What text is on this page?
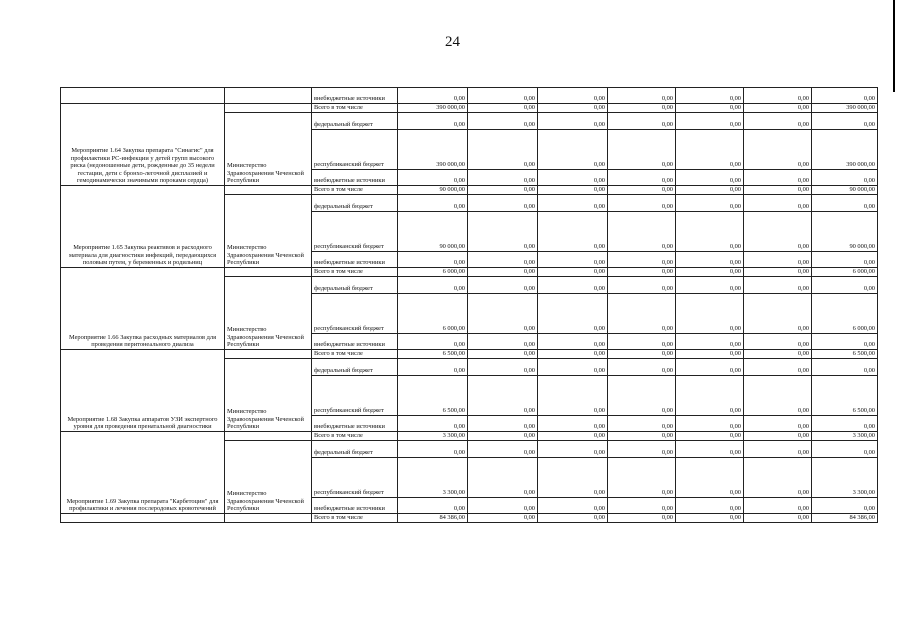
24
		внебюджетные источники	0,00	0,00	0,00	0,00	0,00	0,00	0,00
Мероприятие 1.64 Закупка препарата "Синагис" для профилактики РС-инфекции у детей групп высокого риска (недоношенные дети, рожденные до 35 недели гестации, дети с бронхо-легочной дисплазией и гемодинамически значимыми пороками сердца)		Всего в том числе	390 000,00	0,00	0,00	0,00	0,00	0,00	390 000,00
	Министерство Здравоохранения Чеченской Республики	федеральный бюджет	0,00	0,00	0,00	0,00	0,00	0,00	0,00
		республиканский бюджет	390 000,00	0,00	0,00	0,00	0,00	0,00	390 000,00
		внебюджетные источники	0,00	0,00	0,00	0,00	0,00	0,00	0,00
Мероприятие 1.65 Закупка реактивов и расходного материала для диагностики инфекций, передающихся половым путем, у беременных и родильниц		Всего в том числе	90 000,00	0,00	0,00	0,00	0,00	0,00	90 000,00
	Министерство Здравоохранения Чеченской Республики	федеральный бюджет	0,00	0,00	0,00	0,00	0,00	0,00	0,00
		республиканский бюджет	90 000,00	0,00	0,00	0,00	0,00	0,00	90 000,00
		внебюджетные источники	0,00	0,00	0,00	0,00	0,00	0,00	0,00
Мероприятие 1.66 Закупка расходных материалов для проведения перитонеального диализа		Всего в том числе	6 000,00	0,00	0,00	0,00	0,00	0,00	6 000,00
	Министерство Здравоохранения Чеченской Республики	федеральный бюджет	0,00	0,00	0,00	0,00	0,00	0,00	0,00
		республиканский бюджет	6 000,00	0,00	0,00	0,00	0,00	0,00	6 000,00
		внебюджетные источники	0,00	0,00	0,00	0,00	0,00	0,00	0,00
Мероприятие 1.68 Закупка аппаратов УЗИ экспертного уровня для проведения пренатальной диагностики		Всего в том числе	6 500,00	0,00	0,00	0,00	0,00	0,00	6 500,00
	Министерство Здравоохранения Чеченской Республики	федеральный бюджет	0,00	0,00	0,00	0,00	0,00	0,00	0,00
		республиканский бюджет	6 500,00	0,00	0,00	0,00	0,00	0,00	6 500,00
		внебюджетные источники	0,00	0,00	0,00	0,00	0,00	0,00	0,00
Мероприятие 1.69 Закупка препарата "Карбетоцин" для профилактики и лечения послеродовых кровотечений		Всего в том числе	3 300,00	0,00	0,00	0,00	0,00	0,00	3 300,00
	Министерство Здравоохранения Чеченской Республики	федеральный бюджет	0,00	0,00	0,00	0,00	0,00	0,00	0,00
		республиканский бюджет	3 300,00	0,00	0,00	0,00	0,00	0,00	3 300,00
		внебюджетные источники	0,00	0,00	0,00	0,00	0,00	0,00	0,00
		Всего в том числе	84 386,00	0,00	0,00	0,00	0,00	0,00	84 386,00
